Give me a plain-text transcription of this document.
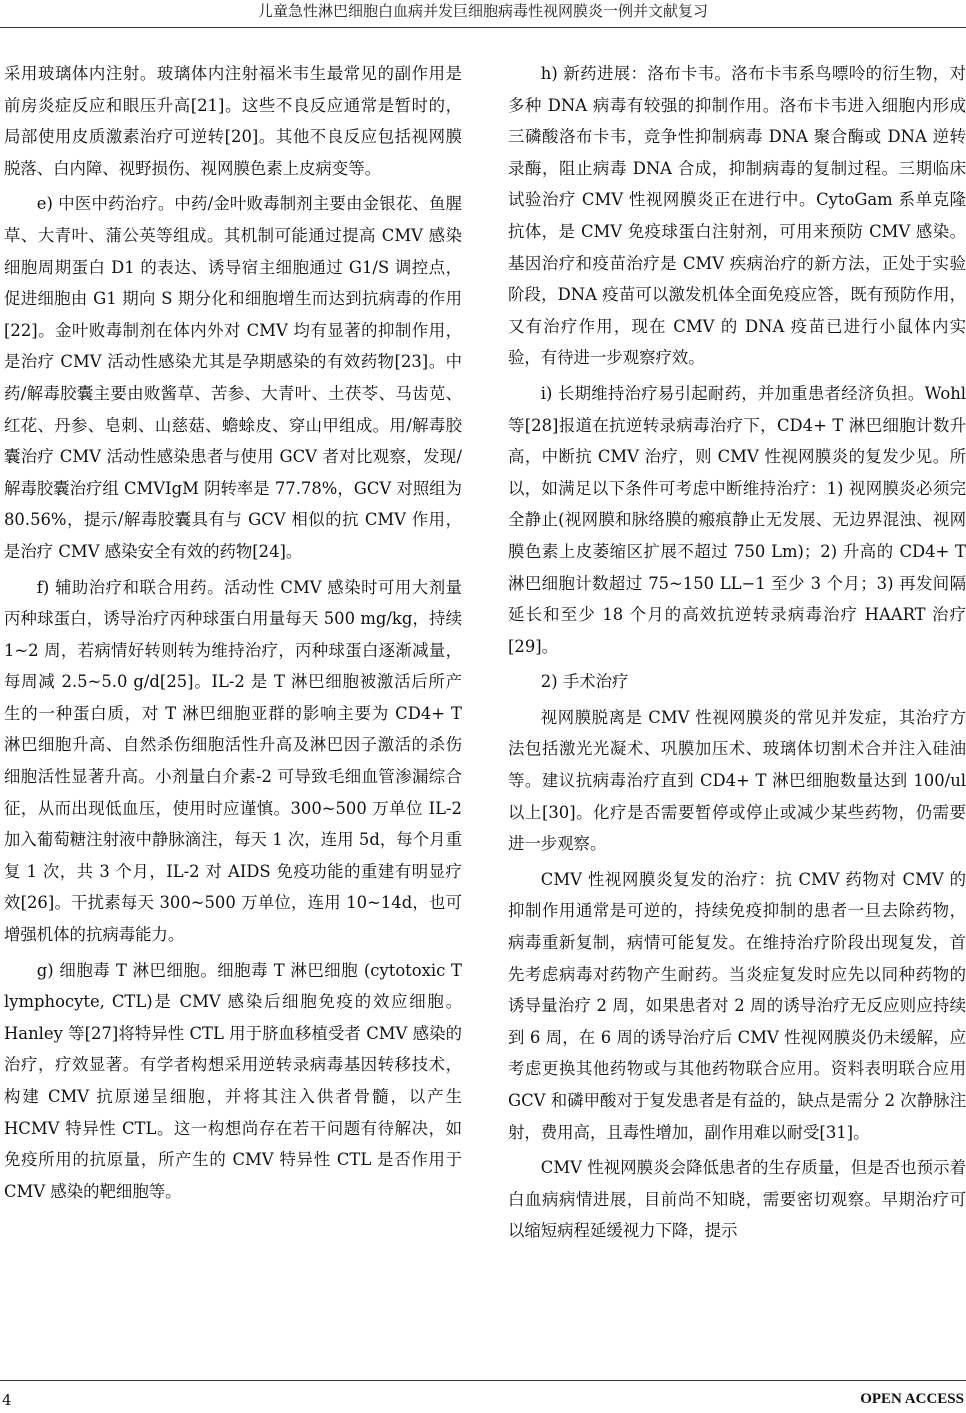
儿童急性淋巴细胞白血病并发巨细胞病毒性视网膜炎一例并文献复习

采用玻璃体内注射。玻璃体内注射福米韦生最常见的副作用是前房炎症反应和眼压升高[21]。这些不良反应通常是暂时的，局部使用皮质激素治疗可逆转[20]。其他不良反应包括视网膜脱落、白内障、视野损伤、视网膜色素上皮病变等。

e) 中医中药治疗。中药/金叶败毒制剂主要由金银花、鱼腥草、大青叶、蒲公英等组成。其机制可能通过提高 CMV 感染细胞周期蛋白 D1 的表达、诱导宿主细胞通过 G1/S 调控点，促进细胞由 G1 期向 S 期分化和细胞增生而达到抗病毒的作用[22]。金叶败毒制剂在体内外对 CMV 均有显著的抑制作用，是治疗 CMV 活动性感染尤其是孕期感染的有效药物[23]。中药/解毒胶囊主要由败酱草、苦参、大青叶、土茯苓、马齿苋、红花、丹参、皂刺、山慈菇、蟾蜍皮、穿山甲组成。用/解毒胶囊治疗 CMV 活动性感染患者与使用 GCV 者对比观察，发现/解毒胶囊治疗组 CMVIgM 阴转率是 77.78%，GCV 对照组为 80.56%，提示/解毒胶囊具有与 GCV 相似的抗 CMV 作用，是治疗 CMV 感染安全有效的药物[24]。

f) 辅助治疗和联合用药。活动性 CMV 感染时可用大剂量丙种球蛋白，诱导治疗丙种球蛋白用量每天 500 mg/kg，持续 1~2 周，若病情好转则转为维持治疗，丙种球蛋白逐渐减量，每周减 2.5~5.0 g/d[25]。IL-2 是 T 淋巴细胞被激活后所产生的一种蛋白质，对 T 淋巴细胞亚群的影响主要为 CD4+ T 淋巴细胞升高、自然杀伤细胞活性升高及淋巴因子激活的杀伤细胞活性显著升高。小剂量白介素-2 可导致毛细血管渗漏综合征，从而出现低血压，使用时应谨慎。300~500 万单位 IL-2 加入葡萄糖注射液中静脉滴注，每天 1 次，连用 5d，每个月重复 1 次，共 3 个月，IL-2 对 AIDS 免疫功能的重建有明显疗效[26]。干扰素每天 300~500 万单位，连用 10~14d，也可增强机体的抗病毒能力。

g) 细胞毒 T 淋巴细胞。细胞毒 T 淋巴细胞 (cytotoxic T lymphocyte, CTL)是 CMV 感染后细胞免疫的效应细胞。Hanley 等[27]将特异性 CTL 用于脐血移植受者 CMV 感染的治疗，疗效显著。有学者构想采用逆转录病毒基因转移技术，构建 CMV 抗原递呈细胞，并将其注入供者骨髓，以产生 HCMV 特异性 CTL。这一构想尚存在若干问题有待解决，如免疫所用的抗原量，所产生的 CMV 特异性 CTL 是否作用于 CMV 感染的靶细胞等。

h) 新药进展：洛布卡韦。洛布卡韦系鸟嘌呤的衍生物，对多种 DNA 病毒有较强的抑制作用。洛布卡韦进入细胞内形成三磷酸洛布卡韦，竞争性抑制病毒 DNA 聚合酶或 DNA 逆转录酶，阻止病毒 DNA 合成，抑制病毒的复制过程。三期临床试验治疗 CMV 性视网膜炎正在进行中。CytoGam 系单克隆抗体，是 CMV 免疫球蛋白注射剂，可用来预防 CMV 感染。基因治疗和疫苗治疗是 CMV 疾病治疗的新方法，正处于实验阶段，DNA 疫苗可以激发机体全面免疫应答，既有预防作用，又有治疗作用，现在 CMV 的 DNA 疫苗已进行小鼠体内实验，有待进一步观察疗效。

i) 长期维持治疗易引起耐药，并加重患者经济负担。Wohl 等[28]报道在抗逆转录病毒治疗下，CD4+ T 淋巴细胞计数升高，中断抗 CMV 治疗，则 CMV 性视网膜炎的复发少见。所以，如满足以下条件可考虑中断维持治疗：1) 视网膜炎必须完全静止(视网膜和脉络膜的瘢痕静止无发展、无边界混浊、视网膜色素上皮萎缩区扩展不超过 750 Lm)；2) 升高的 CD4+ T 淋巴细胞计数超过 75~150 LL−1 至少 3 个月；3) 再发间隔延长和至少 18 个月的高效抗逆转录病毒治疗 HAART 治疗[29]。

2) 手术治疗

视网膜脱离是 CMV 性视网膜炎的常见并发症，其治疗方法包括激光光凝术、巩膜加压术、玻璃体切割术合并注入硅油等。建议抗病毒治疗直到 CD4+ T 淋巴细胞数量达到 100/ul 以上[30]。化疗是否需要暂停或停止或减少某些药物，仍需要进一步观察。

CMV 性视网膜炎复发的治疗：抗 CMV 药物对 CMV 的抑制作用通常是可逆的，持续免疫抑制的患者一旦去除药物，病毒重新复制，病情可能复发。在维持治疗阶段出现复发，首先考虑病毒对药物产生耐药。当炎症复发时应先以同种药物的诱导量治疗 2 周，如果患者对 2 周的诱导治疗无反应则应持续到 6 周，在 6 周的诱导治疗后 CMV 性视网膜炎仍未缓解，应考虑更换其他药物或与其他药物联合应用。资料表明联合应用 GCV 和磷甲酸对于复发患者是有益的，缺点是需分 2 次静脉注射，费用高，且毒性增加，副作用难以耐受[31]。

CMV 性视网膜炎会降低患者的生存质量，但是否也预示着白血病病情进展，目前尚不知晓，需要密切观察。早期治疗可以缩短病程延缓视力下降，提示

4	OPEN ACCESS
